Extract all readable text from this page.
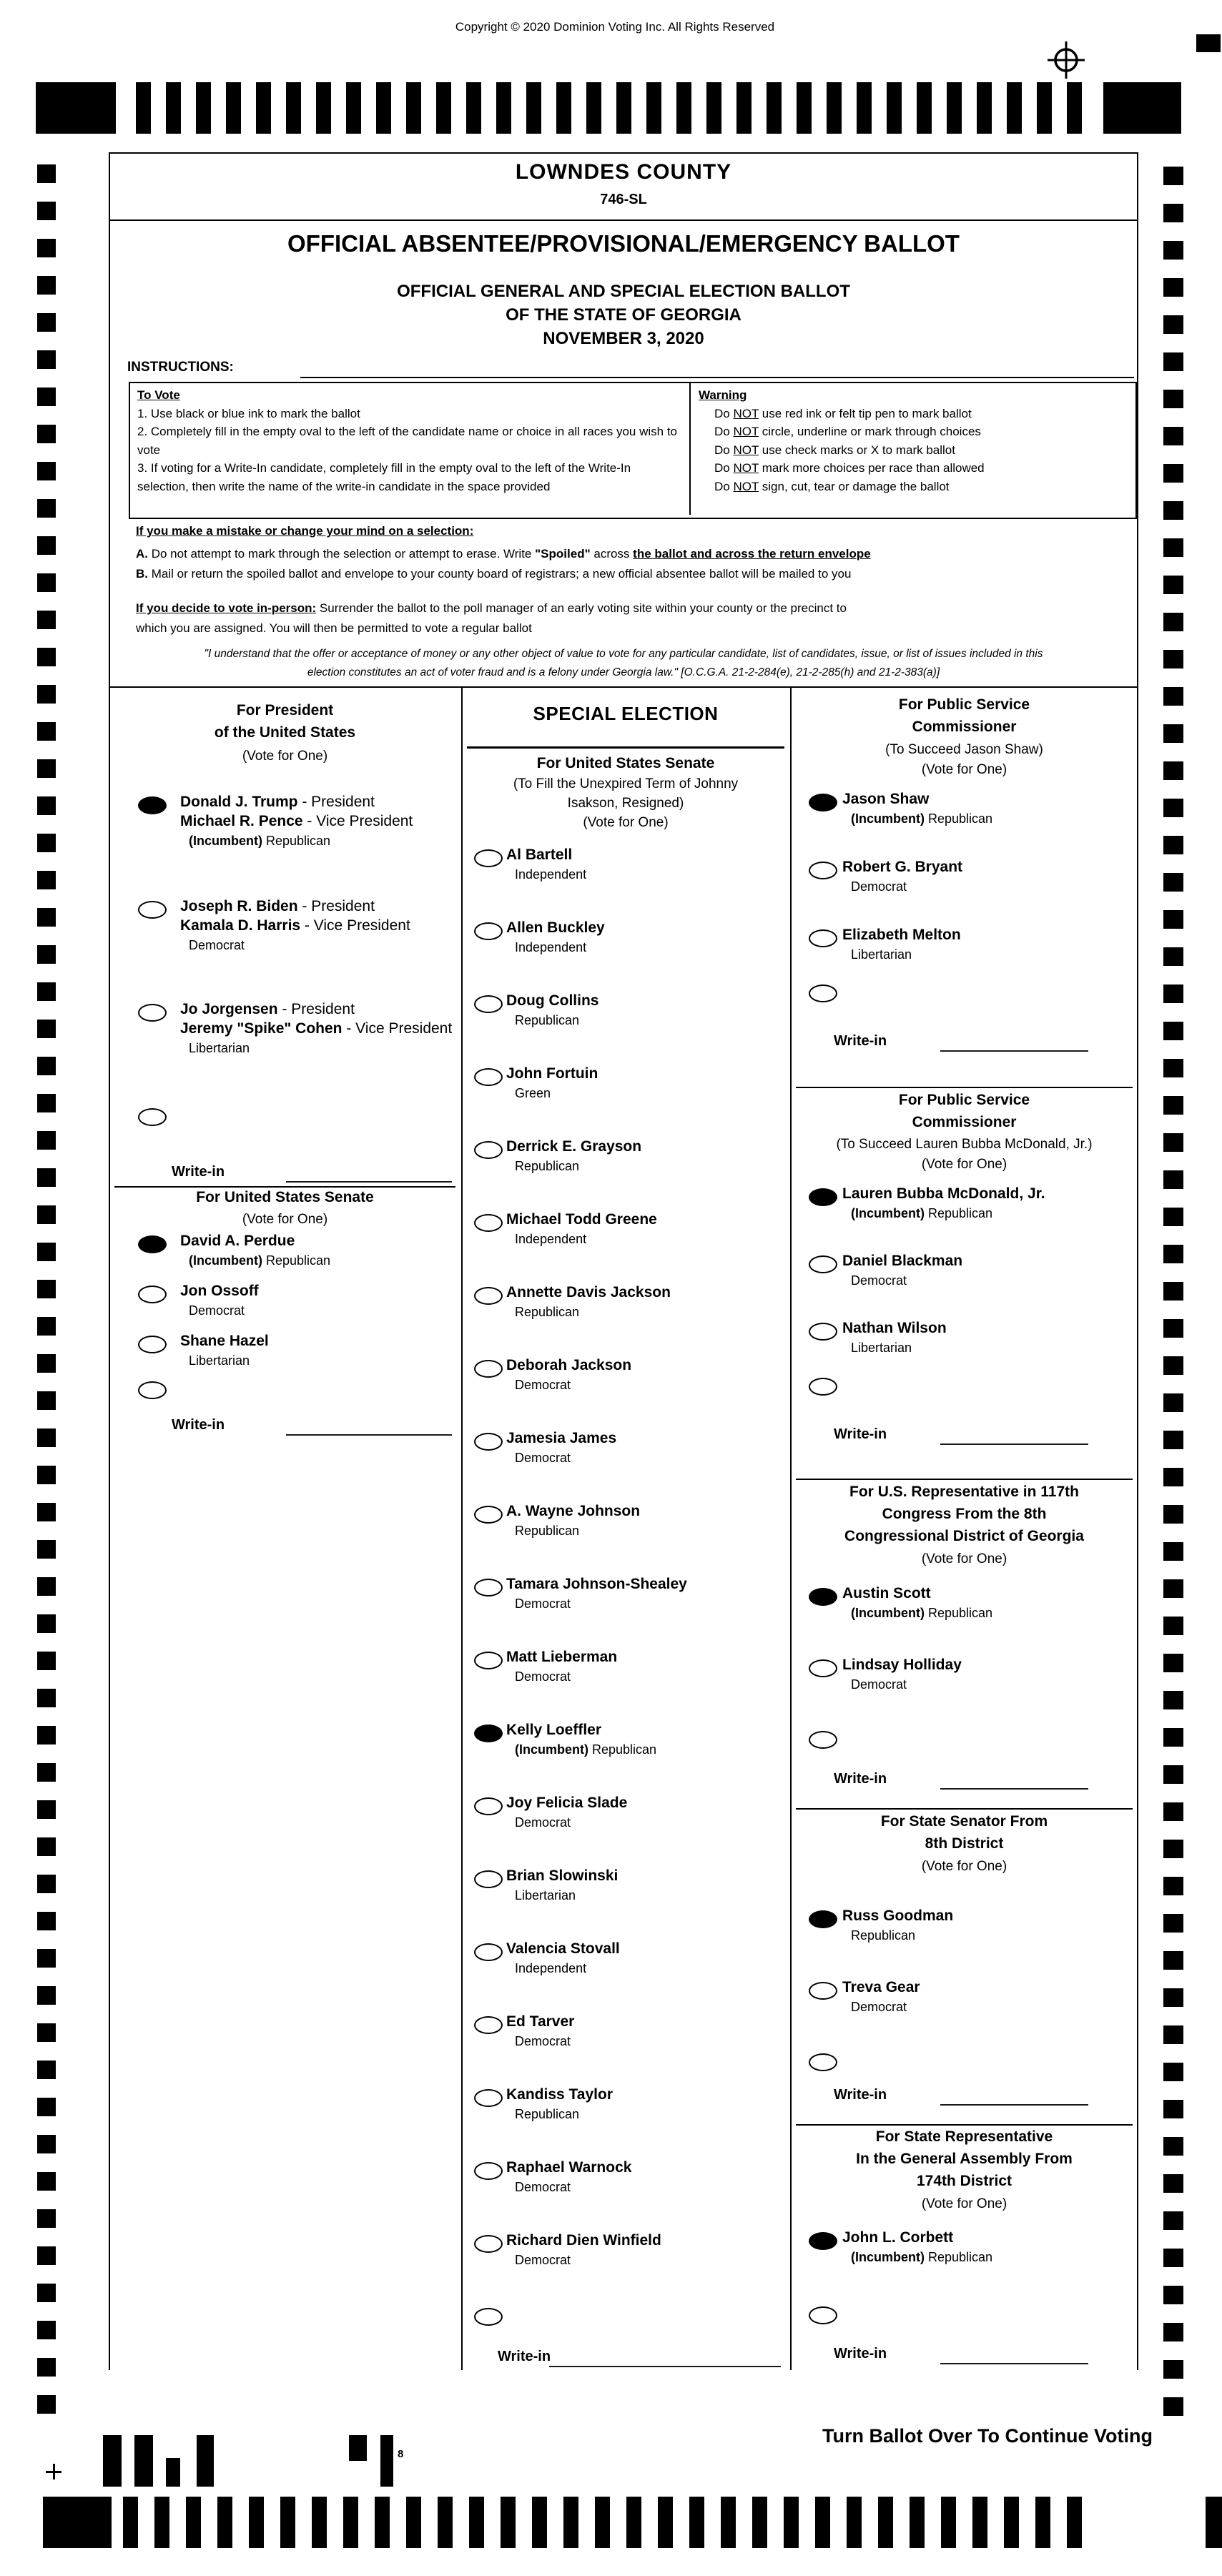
Copyright © 2020 Dominion Voting Inc. All Rights Reserved
8
LOWNDES COUNTY
746-SL
OFFICIAL ABSENTEE/PROVISIONAL/EMERGENCY BALLOT
OFFICIAL GENERAL AND SPECIAL ELECTION BALLOT
OF THE STATE OF GEORGIA
NOVEMBER 3, 2020
INSTRUCTIONS:
To Vote
1. Use black or blue ink to mark the ballot
2. Completely fill in the empty oval to the left of the candidate name or choice in all races you wish to vote
3. If voting for a Write-In candidate, completely fill in the empty oval to the left of the Write-In selection, then write the name of the write-in candidate in the space provided
Warning
Do NOT use red ink or felt tip pen to mark ballot
Do NOT circle, underline or mark through choices
Do NOT use check marks or X to mark ballot
Do NOT mark more choices per race than allowed
Do NOT sign, cut, tear or damage the ballot
If you make a mistake or change your mind on a selection:
A. Do not attempt to mark through the selection or attempt to erase. Write "Spoiled" across the ballot and across the return envelope
B. Mail or return the spoiled ballot and envelope to your county board of registrars; a new official absentee ballot will be mailed to you
If you decide to vote in-person: Surrender the ballot to the poll manager of an early voting site within your county or the precinct to
which you are assigned. You will then be permitted to vote a regular ballot
"I understand that the offer or acceptance of money or any other object of value to vote for any particular candidate, list of candidates, issue, or list of issues included in this
election constitutes an act of voter fraud and is a felony under Georgia law." [O.C.G.A. 21-2-284(e), 21-2-285(h) and 21-2-383(a)]
For President
of the United States
(Vote for One)
Donald J. Trump - President
Michael R. Pence - Vice President
(Incumbent) Republican
Joseph R. Biden - President
Kamala D. Harris - Vice President
Democrat
Jo Jorgensen - President
Jeremy "Spike" Cohen - Vice President
Libertarian
Write-in
For United States Senate
(Vote for One)
David A. Perdue
(Incumbent) Republican
Jon Ossoff
Democrat
Shane Hazel
Libertarian
Write-in
SPECIAL ELECTION
For United States Senate
(To Fill the Unexpired Term of Johnny
Isakson, Resigned)
(Vote for One)
Al Bartell
Independent
Allen Buckley
Independent
Doug Collins
Republican
John Fortuin
Green
Derrick E. Grayson
Republican
Michael Todd Greene
Independent
Annette Davis Jackson
Republican
Deborah Jackson
Democrat
Jamesia James
Democrat
A. Wayne Johnson
Republican
Tamara Johnson-Shealey
Democrat
Matt Lieberman
Democrat
Kelly Loeffler
(Incumbent) Republican
Joy Felicia Slade
Democrat
Brian Slowinski
Libertarian
Valencia Stovall
Independent
Ed Tarver
Democrat
Kandiss Taylor
Republican
Raphael Warnock
Democrat
Richard Dien Winfield
Democrat
Write-in
For Public Service
Commissioner
(To Succeed Jason Shaw)
(Vote for One)
Jason Shaw
(Incumbent) Republican
Robert G. Bryant
Democrat
Elizabeth Melton
Libertarian
Write-in
For Public Service
Commissioner
(To Succeed Lauren Bubba McDonald, Jr.)
(Vote for One)
Lauren Bubba McDonald, Jr.
(Incumbent) Republican
Daniel Blackman
Democrat
Nathan Wilson
Libertarian
Write-in
For U.S. Representative in 117th
Congress From the 8th
Congressional District of Georgia
(Vote for One)
Austin Scott
(Incumbent) Republican
Lindsay Holliday
Democrat
Write-in
For State Senator From
8th District
(Vote for One)
Russ Goodman
Republican
Treva Gear
Democrat
Write-in
For State Representative
In the General Assembly From
174th District
(Vote for One)
John L. Corbett
(Incumbent) Republican
Write-in
Turn Ballot Over To Continue Voting
